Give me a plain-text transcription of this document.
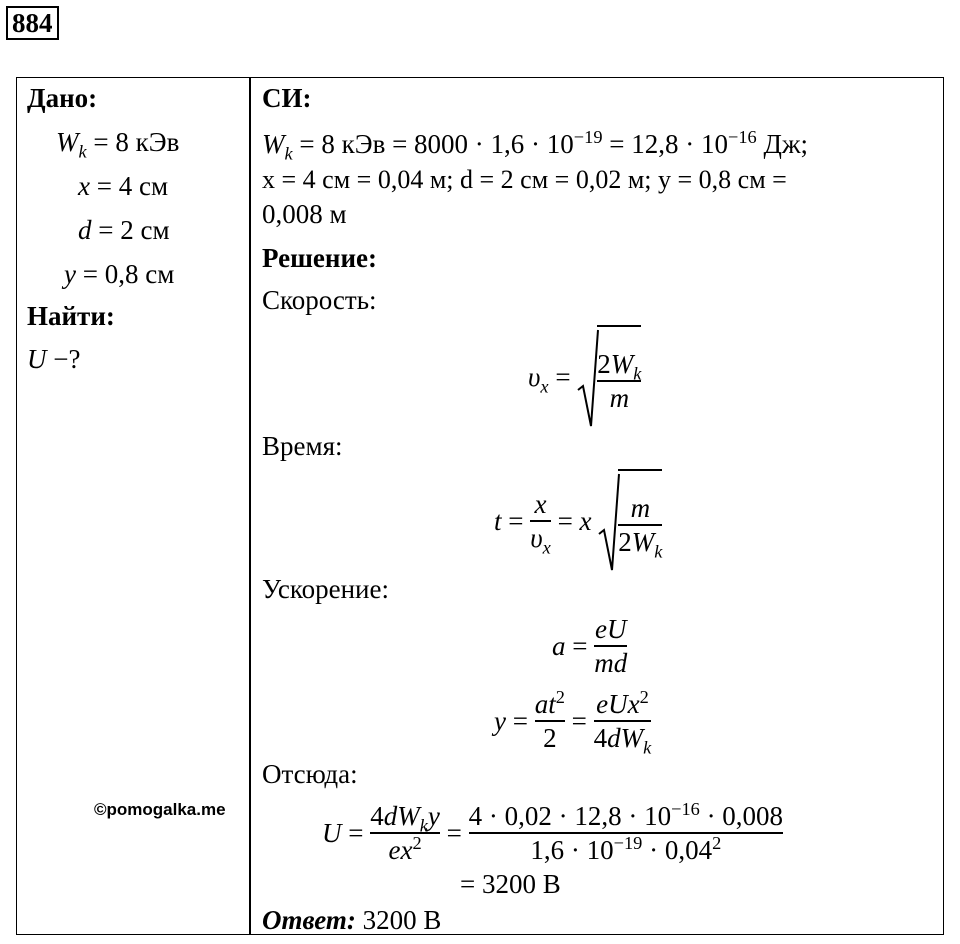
884
Дано:
$W_k = 8$ кЭв
x = 4 см
d = 2 см
y = 0,8 см
Найти:
U −?
©pomogalka.me
СИ:
$W_k = 8$ кЭв = $8000 \cdot 1,6 \cdot 10^{-19} = 12,8 \cdot 10^{-16}$ Дж;
x = 4 см = 0,04 м; d = 2 см = 0,02 м; y = 0,8 см =
0,008 м
Решение:
Скорость:
$\upsilon_x = \frac{2W_k}{m}$
Время:
$t = \frac{x}{\upsilon_x} = x \frac{m}{2W_k}$
Ускорение:
$a = \frac{eU}{md}$
$y = \frac{at^2}{2} = \frac{eUx^2}{4dW_k}$
Отсюда:
$U = \frac{4dW_ky}{ex^2} = \frac{4 \cdot 0,02 \cdot 12,8 \cdot 10^{-16} \cdot 0,008}{1,6 \cdot 10^{-19} \cdot 0,04^2}$
= 3200 В
Ответ: 3200 В
